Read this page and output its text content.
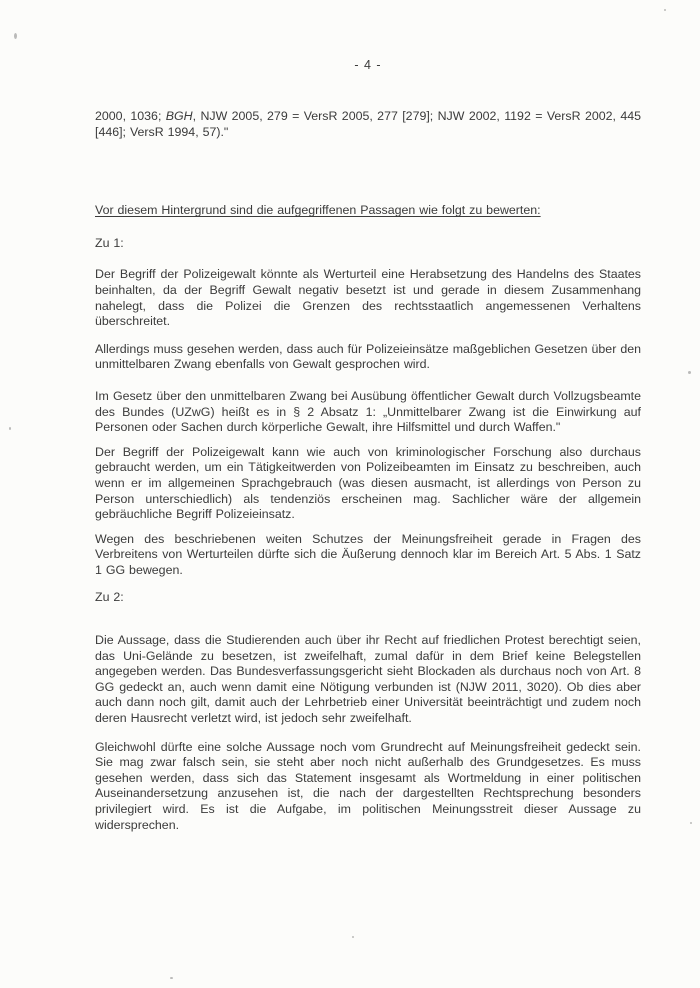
- 4 -

2000, 1036; BGH, NJW 2005, 279 = VersR 2005, 277 [279]; NJW 2002, 1192 = VersR 2002, 445 [446]; VersR 1994, 57)."

Vor diesem Hintergrund sind die aufgegriffenen Passagen wie folgt zu bewerten:

Zu 1:

Der Begriff der Polizeigewalt könnte als Werturteil eine Herabsetzung des Handelns des Staates beinhalten, da der Begriff Gewalt negativ besetzt ist und gerade in diesem Zusammenhang nahelegt, dass die Polizei die Grenzen des rechtsstaatlich angemessenen Verhaltens überschreitet.

Allerdings muss gesehen werden, dass auch für Polizeieinsätze maßgeblichen Gesetzen über den unmittelbaren Zwang ebenfalls von Gewalt gesprochen wird.

Im Gesetz über den unmittelbaren Zwang bei Ausübung öffentlicher Gewalt durch Vollzugsbeamte des Bundes (UZwG) heißt es in § 2 Absatz 1: „Unmittelbarer Zwang ist die Einwirkung auf Personen oder Sachen durch körperliche Gewalt, ihre Hilfsmittel und durch Waffen."

Der Begriff der Polizeigewalt kann wie auch von kriminologischer Forschung also durchaus gebraucht werden, um ein Tätigkeitwerden von Polizeibeamten im Einsatz zu beschreiben, auch wenn er im allgemeinen Sprachgebrauch (was diesen ausmacht, ist allerdings von Person zu Person unterschiedlich) als tendenziös erscheinen mag. Sachlicher wäre der allgemein gebräuchliche Begriff Polizeieinsatz.

Wegen des beschriebenen weiten Schutzes der Meinungsfreiheit gerade in Fragen des Verbreitens von Werturteilen dürfte sich die Äußerung dennoch klar im Bereich Art. 5 Abs. 1 Satz 1 GG bewegen.

Zu 2:

Die Aussage, dass die Studierenden auch über ihr Recht auf friedlichen Protest berechtigt seien, das Uni-Gelände zu besetzen, ist zweifelhaft, zumal dafür in dem Brief keine Belegstellen angegeben werden. Das Bundesverfassungsgericht sieht Blockaden als durchaus noch von Art. 8 GG gedeckt an, auch wenn damit eine Nötigung verbunden ist (NJW 2011, 3020). Ob dies aber auch dann noch gilt, damit auch der Lehrbetrieb einer Universität beeinträchtigt und zudem noch deren Hausrecht verletzt wird, ist jedoch sehr zweifelhaft.

Gleichwohl dürfte eine solche Aussage noch vom Grundrecht auf Meinungsfreiheit gedeckt sein. Sie mag zwar falsch sein, sie steht aber noch nicht außerhalb des Grundgesetzes. Es muss gesehen werden, dass sich das Statement insgesamt als Wortmeldung in einer politischen Auseinandersetzung anzusehen ist, die nach der dargestellten Rechtsprechung besonders privilegiert wird. Es ist die Aufgabe, im politischen Meinungsstreit dieser Aussage zu widersprechen.
